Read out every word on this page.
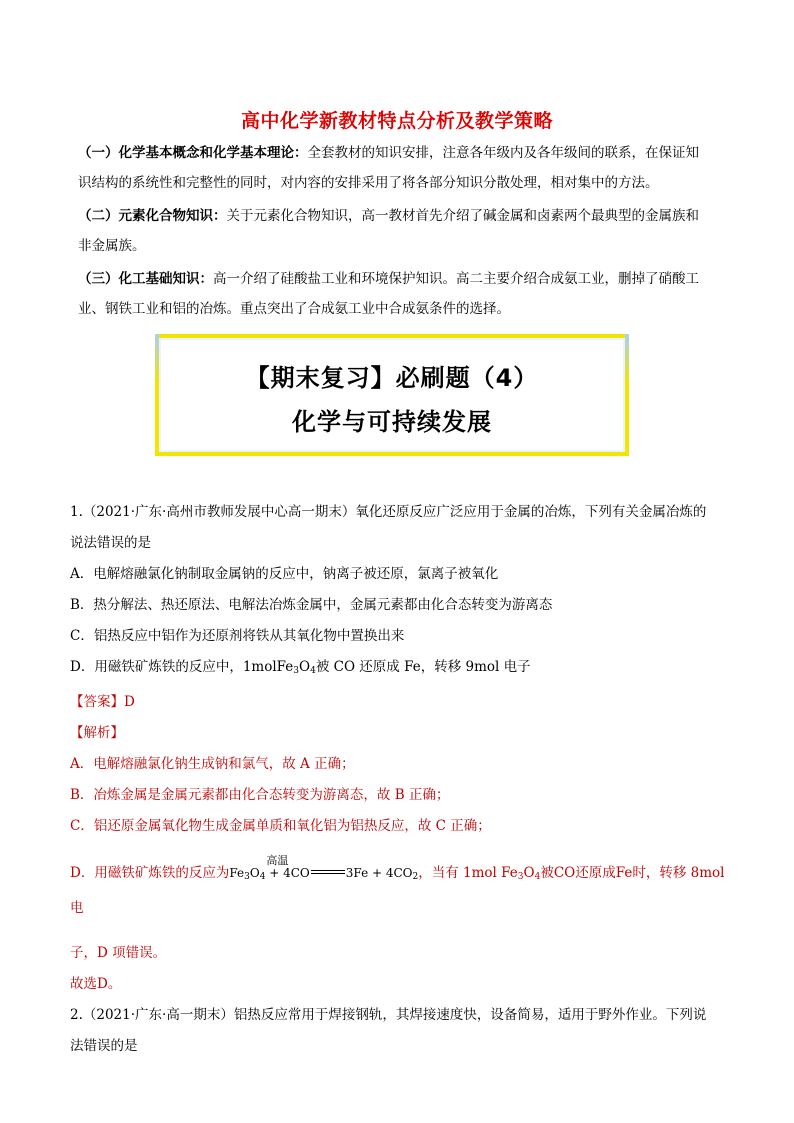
高中化学新教材特点分析及教学策略

（一）化学基本概念和化学基本理论：全套教材的知识安排，注意各年级内及各年级间的联系，在保证知

识结构的系统性和完整性的同时，对内容的安排采用了将各部分知识分散处理，相对集中的方法。

（二）元素化合物知识：关于元素化合物知识，高一教材首先介绍了碱金属和卤素两个最典型的金属族和

非金属族。

（三）化工基础知识：高一介绍了硅酸盐工业和环境保护知识。高二主要介绍合成氨工业，删掉了硝酸工

业、钢铁工业和铝的冶炼。重点突出了合成氨工业中合成氨条件的选择。

【期末复习】必刷题（4）
化学与可持续发展

1.（2021·广东·高州市教师发展中心高一期末）氧化还原反应广泛应用于金属的冶炼，下列有关金属冶炼的

说法错误的是

A．电解熔融氯化钠制取金属钠的反应中，钠离子被还原，氯离子被氧化

B．热分解法、热还原法、电解法冶炼金属中，金属元素都由化合态转变为游离态

C．铝热反应中铝作为还原剂将铁从其氧化物中置换出来

D．用磁铁矿炼铁的反应中，$1molFe_3O_4$被 CO 还原成 Fe，转移 9mol 电子

【答案】D

【解析】

A．电解熔融氯化钠生成钠和氯气，故 A 正确；

B．冶炼金属是金属元素都由化合态转变为游离态，故 B 正确；

C．铝还原金属氧化物生成金属单质和氧化铝为铝热反应，故 C 正确；

D．用磁铁矿炼铁的反应为$Fe_3O_4 + 4CO$
高温
$3Fe + 4CO_2$，当有 1mol $Fe_3O_4$被CO还原成Fe时，转移 8mol 电

子，D 项错误。

故选D。

2.（2021·广东·高一期末）铝热反应常用于焊接钢轨，其焊接速度快，设备简易，适用于野外作业。下列说

法错误的是
